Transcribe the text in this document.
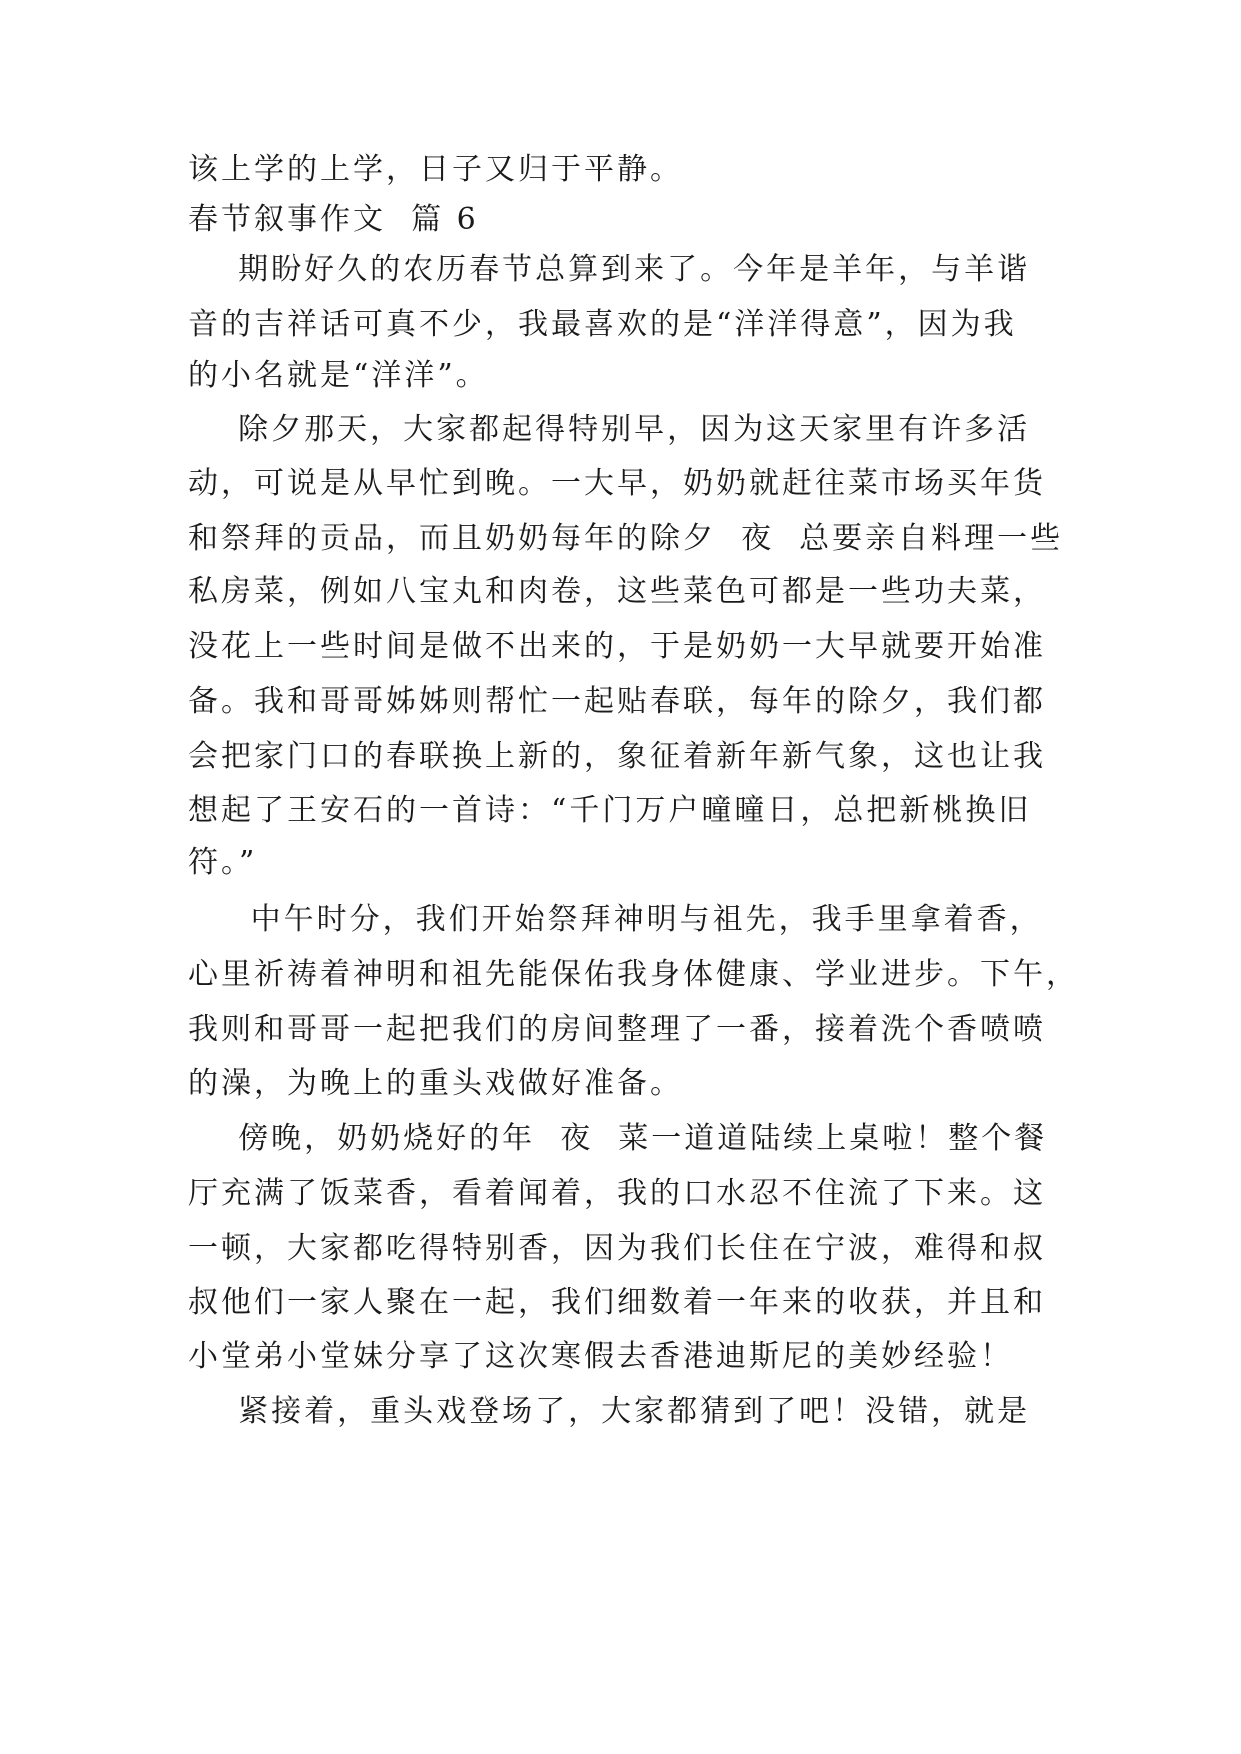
该上学的上学，日子又归于平静。
春节叙事作文  篇 6
期盼好久的农历春节总算到来了。今年是羊年，与羊谐
音的吉祥话可真不少，我最喜欢的是“洋洋得意”，因为我
的小名就是“洋洋”。
除夕那天，大家都起得特别早，因为这天家里有许多活
动，可说是从早忙到晚。一大早，奶奶就赶往菜市场买年货
和祭拜的贡品，而且奶奶每年的除夕  夜  总要亲自料理一些
私房菜，例如八宝丸和肉卷，这些菜色可都是一些功夫菜，
没花上一些时间是做不出来的，于是奶奶一大早就要开始准
备。我和哥哥姊姊则帮忙一起贴春联，每年的除夕，我们都
会把家门口的春联换上新的，象征着新年新气象，这也让我
想起了王安石的一首诗：“千门万户曈曈日，总把新桃换旧
符。”
中午时分，我们开始祭拜神明与祖先，我手里拿着香，
心里祈祷着神明和祖先能保佑我身体健康、学业进步。下午，
我则和哥哥一起把我们的房间整理了一番，接着洗个香喷喷
的澡，为晚上的重头戏做好准备。
傍晚，奶奶烧好的年  夜  菜一道道陆续上桌啦！整个餐
厅充满了饭菜香，看着闻着，我的口水忍不住流了下来。这
一顿，大家都吃得特别香，因为我们长住在宁波，难得和叔
叔他们一家人聚在一起，我们细数着一年来的收获，并且和
小堂弟小堂妹分享了这次寒假去香港迪斯尼的美妙经验！
紧接着，重头戏登场了，大家都猜到了吧！没错，就是
